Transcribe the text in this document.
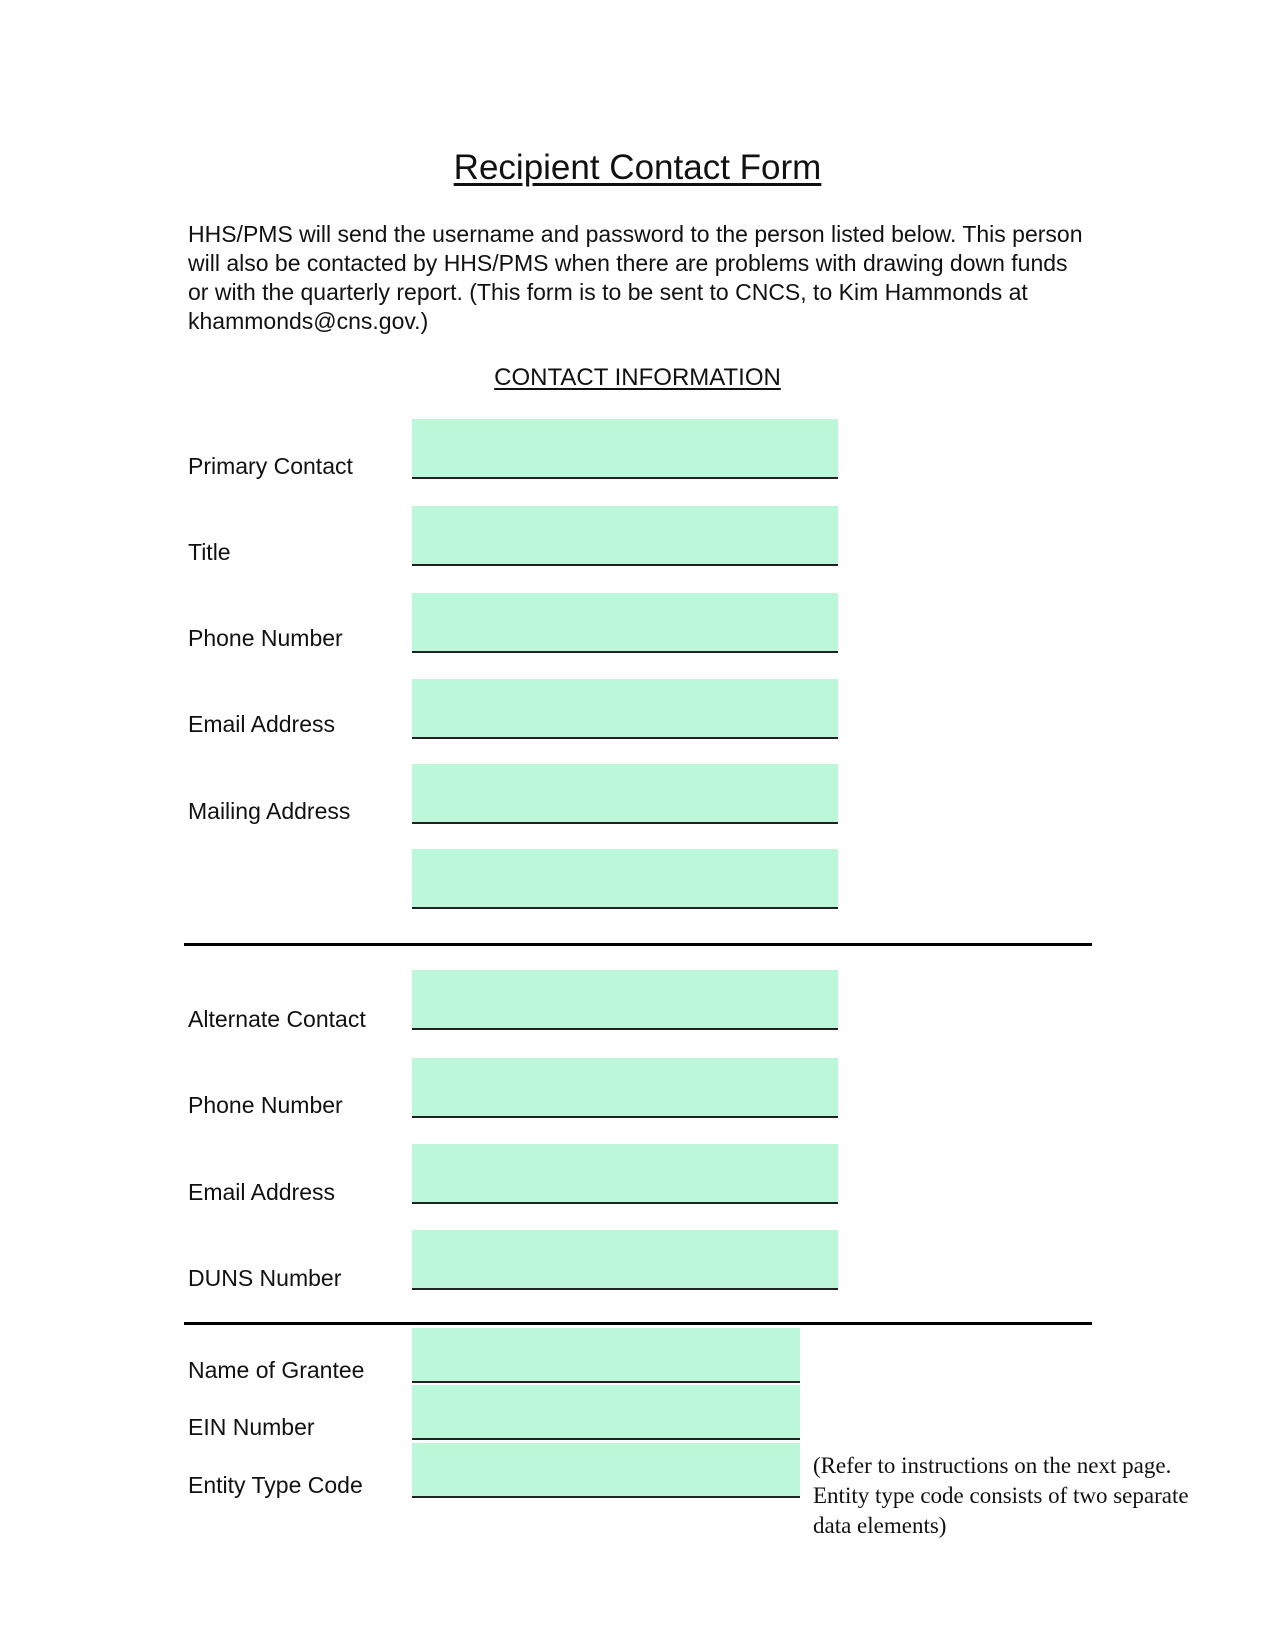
Recipient Contact Form
HHS/PMS will send the username and password to the person listed below. This person
will also be contacted by HHS/PMS when there are problems with drawing down funds
or with the quarterly report. (This form is to be sent to CNCS, to Kim Hammonds at
khammonds@cns.gov.)
CONTACT INFORMATION
Primary Contact
Title
Phone Number
Email Address
Mailing Address
Alternate Contact
Phone Number
Email Address
DUNS Number
Name of Grantee
EIN Number
Entity Type Code
(Refer to instructions on the next page.
Entity type code consists of two separate
data elements)
